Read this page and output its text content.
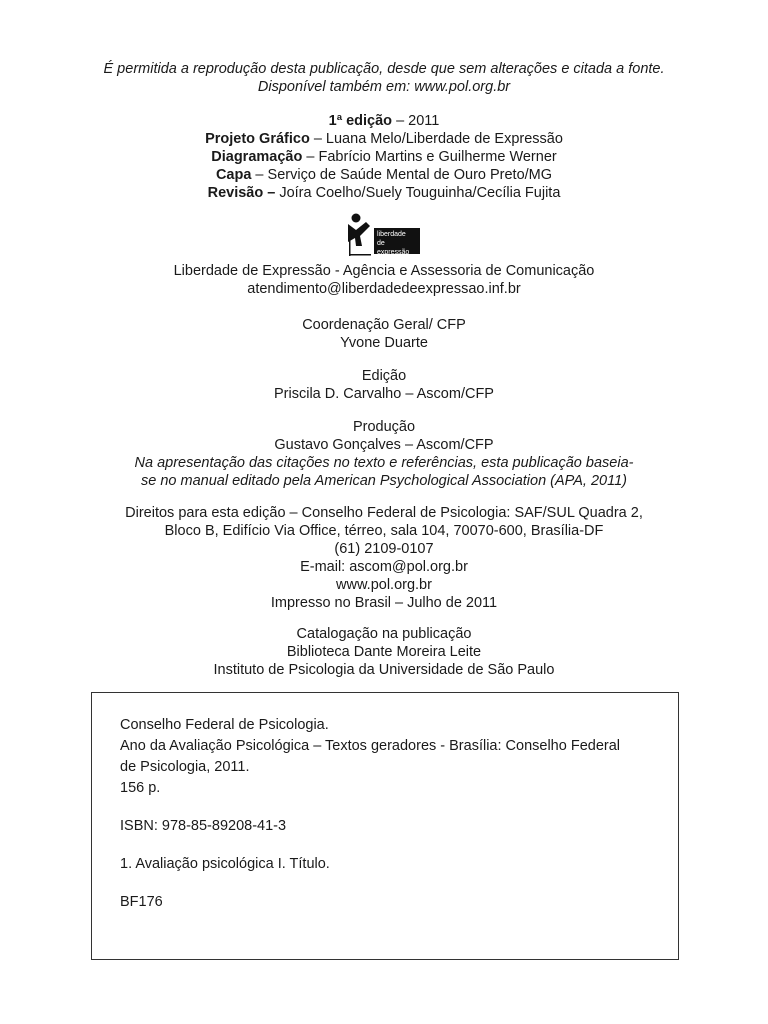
É permitida a reprodução desta publicação, desde que sem alterações e citada a fonte.
Disponível também em: www.pol.org.br
1ª edição – 2011
Projeto Gráfico – Luana Melo/Liberdade de Expressão
Diagramação – Fabrício Martins e Guilherme Werner
Capa – Serviço de Saúde Mental de Ouro Preto/MG
Revisão – Joíra Coelho/Suely Touguinha/Cecília Fujita
liberdade
de
expressão
Liberdade de Expressão - Agência e Assessoria de Comunicação
atendimento@liberdadedeexpressao.inf.br
Coordenação Geral/ CFP
Yvone Duarte
Edição
Priscila D. Carvalho – Ascom/CFP
Produção
Gustavo Gonçalves – Ascom/CFP
Na apresentação das citações no texto e referências, esta publicação baseia-
se no manual editado pela American Psychological Association (APA, 2011)
Direitos para esta edição – Conselho Federal de Psicologia: SAF/SUL Quadra 2,
Bloco B, Edifício Via Office, térreo, sala 104, 70070-600, Brasília-DF
(61) 2109-0107
E-mail: ascom@pol.org.br
www.pol.org.br
Impresso no Brasil – Julho de 2011
Catalogação na publicação
Biblioteca Dante Moreira Leite
Instituto de Psicologia da Universidade de São Paulo
Conselho Federal de Psicologia.
Ano da Avaliação Psicológica – Textos geradores - Brasília: Conselho Federal
de Psicologia, 2011.
156 p.
ISBN: 978-85-89208-41-3
1. Avaliação psicológica I. Título.
BF176
